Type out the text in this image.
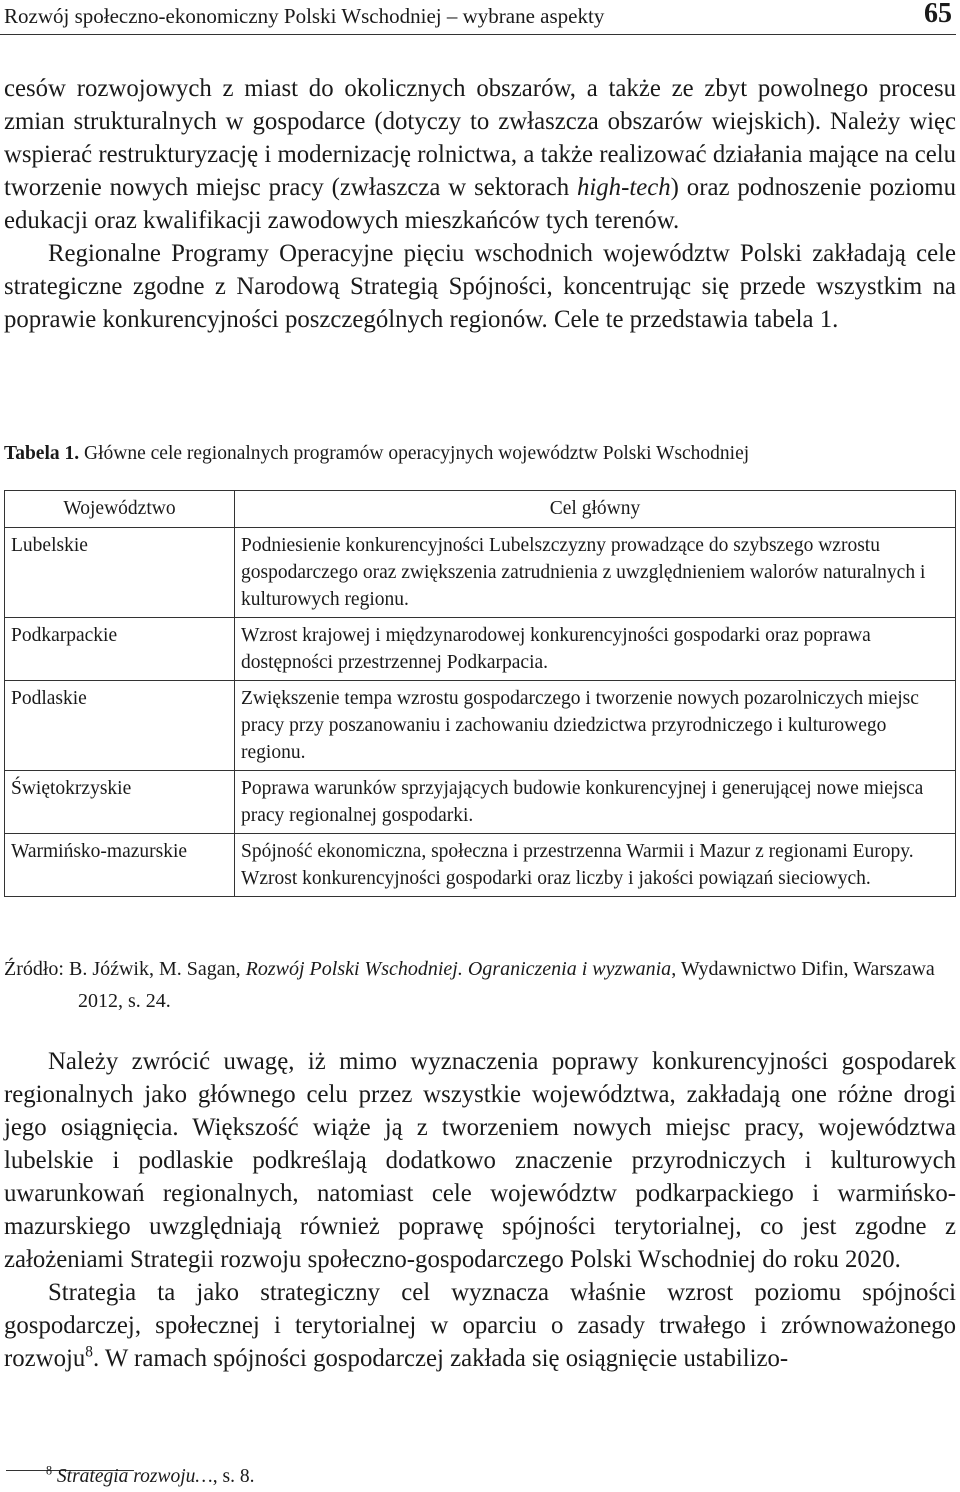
Rozwój społeczno-ekonomiczny Polski Wschodniej – wybrane aspekty	65

cesów rozwojowych z miast do okolicznych obszarów, a także ze zbyt powolnego procesu zmian strukturalnych w gospodarce (dotyczy to zwłaszcza obszarów wiejskich). Należy więc wspierać restrukturyzację i modernizację rolnictwa, a także realizować działania mające na celu tworzenie nowych miejsc pracy (zwłaszcza w sektorach high-tech) oraz podnoszenie poziomu edukacji oraz kwalifikacji zawodowych mieszkańców tych terenów.

Regionalne Programy Operacyjne pięciu wschodnich województw Polski zakładają cele strategiczne zgodne z Narodową Strategią Spójności, koncentrując się przede wszystkim na poprawie konkurencyjności poszczególnych regionów. Cele te przedstawia tabela 1.

Tabela 1. Główne cele regionalnych programów operacyjnych województw Polski Wschodniej
Województwo	Cel główny
Lubelskie	Podniesienie konkurencyjności Lubelszczyzny prowadzące do szybszego wzrostu gospodarczego oraz zwiększenia zatrudnienia z uwzględnieniem walorów naturalnych i kulturowych regionu.
Podkarpackie	Wzrost krajowej i międzynarodowej konkurencyjności gospodarki oraz poprawa dostępności przestrzennej Podkarpacia.
Podlaskie	Zwiększenie tempa wzrostu gospodarczego i tworzenie nowych pozarolniczych miejsc pracy przy poszanowaniu i zachowaniu dziedzictwa przyrodniczego i kulturowego regionu.
Świętokrzyskie	Poprawa warunków sprzyjających budowie konkurencyjnej i generującej nowe miejsca pracy regionalnej gospodarki.
Warmińsko-mazurskie	Spójność ekonomiczna, społeczna i przestrzenna Warmii i Mazur z regionami Europy. Wzrost konkurencyjności gospodarki oraz liczby i jakości powiązań sieciowych.
Źródło: B. Jóźwik, M. Sagan, Rozwój Polski Wschodniej. Ograniczenia i wyzwania, Wydawnictwo Difin, Warszawa 2012, s. 24.

Należy zwrócić uwagę, iż mimo wyznaczenia poprawy konkurencyjności gospodarek regionalnych jako głównego celu przez wszystkie województwa, zakładają one różne drogi jego osiągnięcia. Większość wiąże ją z tworzeniem nowych miejsc pracy, województwa lubelskie i podlaskie podkreślają dodatkowo znaczenie przyrodniczych i kulturowych uwarunkowań regionalnych, natomiast cele województw podkarpackiego i warmińsko-mazurskiego uwzględniają również poprawę spójności terytorialnej, co jest zgodne z założeniami Strategii rozwoju społeczno-gospodarczego Polski Wschodniej do roku 2020.

Strategia ta jako strategiczny cel wyznacza właśnie wzrost poziomu spójności gospodarczej, społecznej i terytorialnej w oparciu o zasady trwałego i zrównoważonego rozwoju$^8$. W ramach spójności gospodarczej zakłada się osiągnięcie ustabilizo-

$^8$ Strategia rozwoju…, s. 8.
